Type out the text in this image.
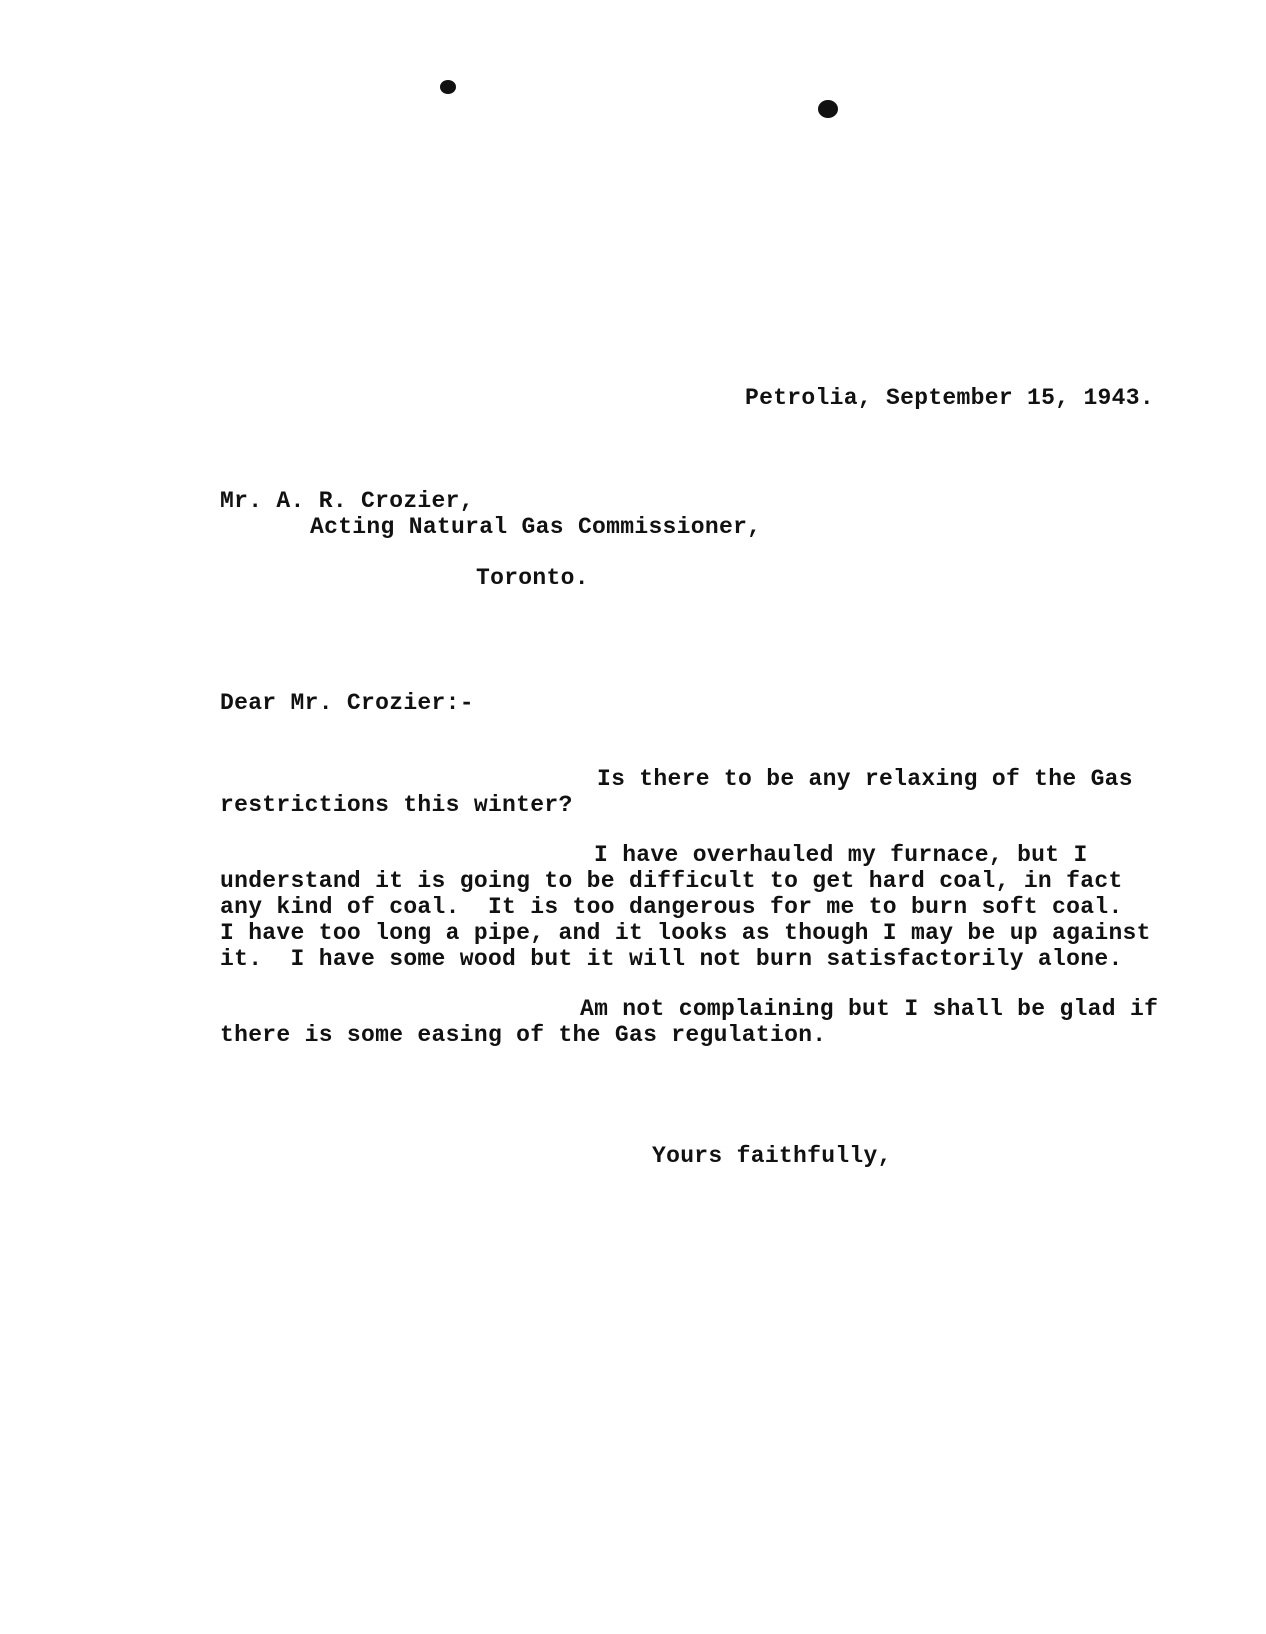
Petrolia, September 15, 1943.
Mr. A. R. Crozier,
Acting Natural Gas Commissioner,
Toronto.
Dear Mr. Crozier:-
Is there to be any relaxing of the Gas
restrictions this winter?
I have overhauled my furnace, but I
understand it is going to be difficult to get hard coal, in fact
any kind of coal.  It is too dangerous for me to burn soft coal.
I have too long a pipe, and it looks as though I may be up against
it.  I have some wood but it will not burn satisfactorily alone.
Am not complaining but I shall be glad if
there is some easing of the Gas regulation.
Yours faithfully,
